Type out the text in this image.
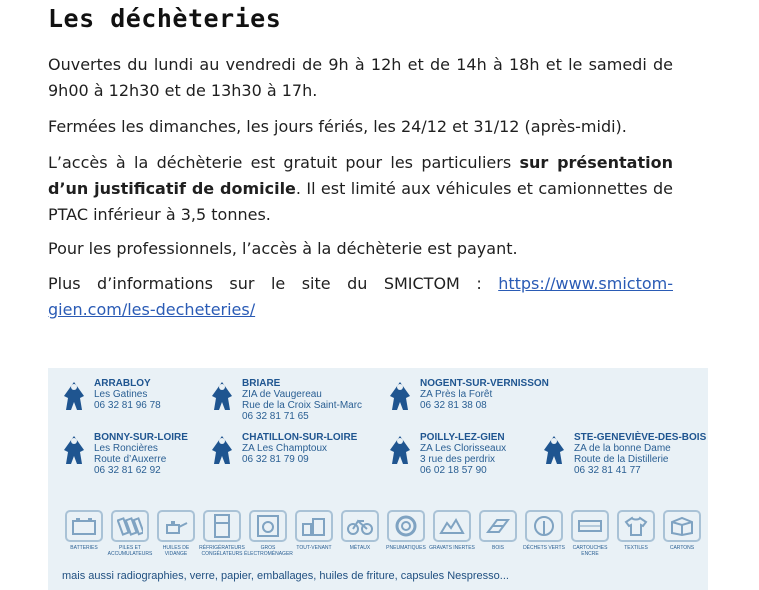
Les déchèteries

Ouvertes du lundi au vendredi de 9h à 12h et de 14h à 18h et le samedi de 9h00 à 12h30 et de 13h30 à 17h.

Fermées les dimanches, les jours fériés, les 24/12 et 31/12 (après-midi).

L’accès à la déchèterie est gratuit pour les particuliers sur présentation d’un justificatif de domicile. Il est limité aux véhicules et camionnettes de PTAC inférieur à 3,5 tonnes.

Pour les professionnels, l’accès à la déchèterie est payant.

Plus d’informations sur le site du SMICTOM : https://www.smictom-gien.com/les-decheteries/

ARRABLOY
Les Gatines
06 32 81 96 78
BRIARE
ZIA de Vaugereau
Rue de la Croix Saint-Marc
06 32 81 71 65
NOGENT-SUR-VERNISSON
ZA Près la Forêt
06 32 81 38 08
BONNY-SUR-LOIRE
Les Roncières
Route d’Auxerre
06 32 81 62 92
CHATILLON-SUR-LOIRE
ZA Les Champtoux
06 32 81 79 09
POILLY-LEZ-GIEN
ZA Les Clorisseaux
3 rue des perdrix
06 02 18 57 90
STE-GENEVIÈVE-DES-BOIS
ZA de la bonne Dame
Route de la Distillerie
06 32 81 41 77
BATTERIES	PILES ET ACCUMULATEURS
HUILES DE VIDANGE
RÉFRIGÉRATEURS CONGÉLATEURS
GROS ÉLECTROMÉNAGER
TOUT-VENANT	MÉTAUX	PNEUMATIQUES GRAVATS INERTES	BOIS	DÉCHETS VERTS	CARTOUCHES ENCRE
TEXTILES	CARTONS
mais aussi radiographies, verre, papier, emballages, huiles de friture, capsules Nespresso...
